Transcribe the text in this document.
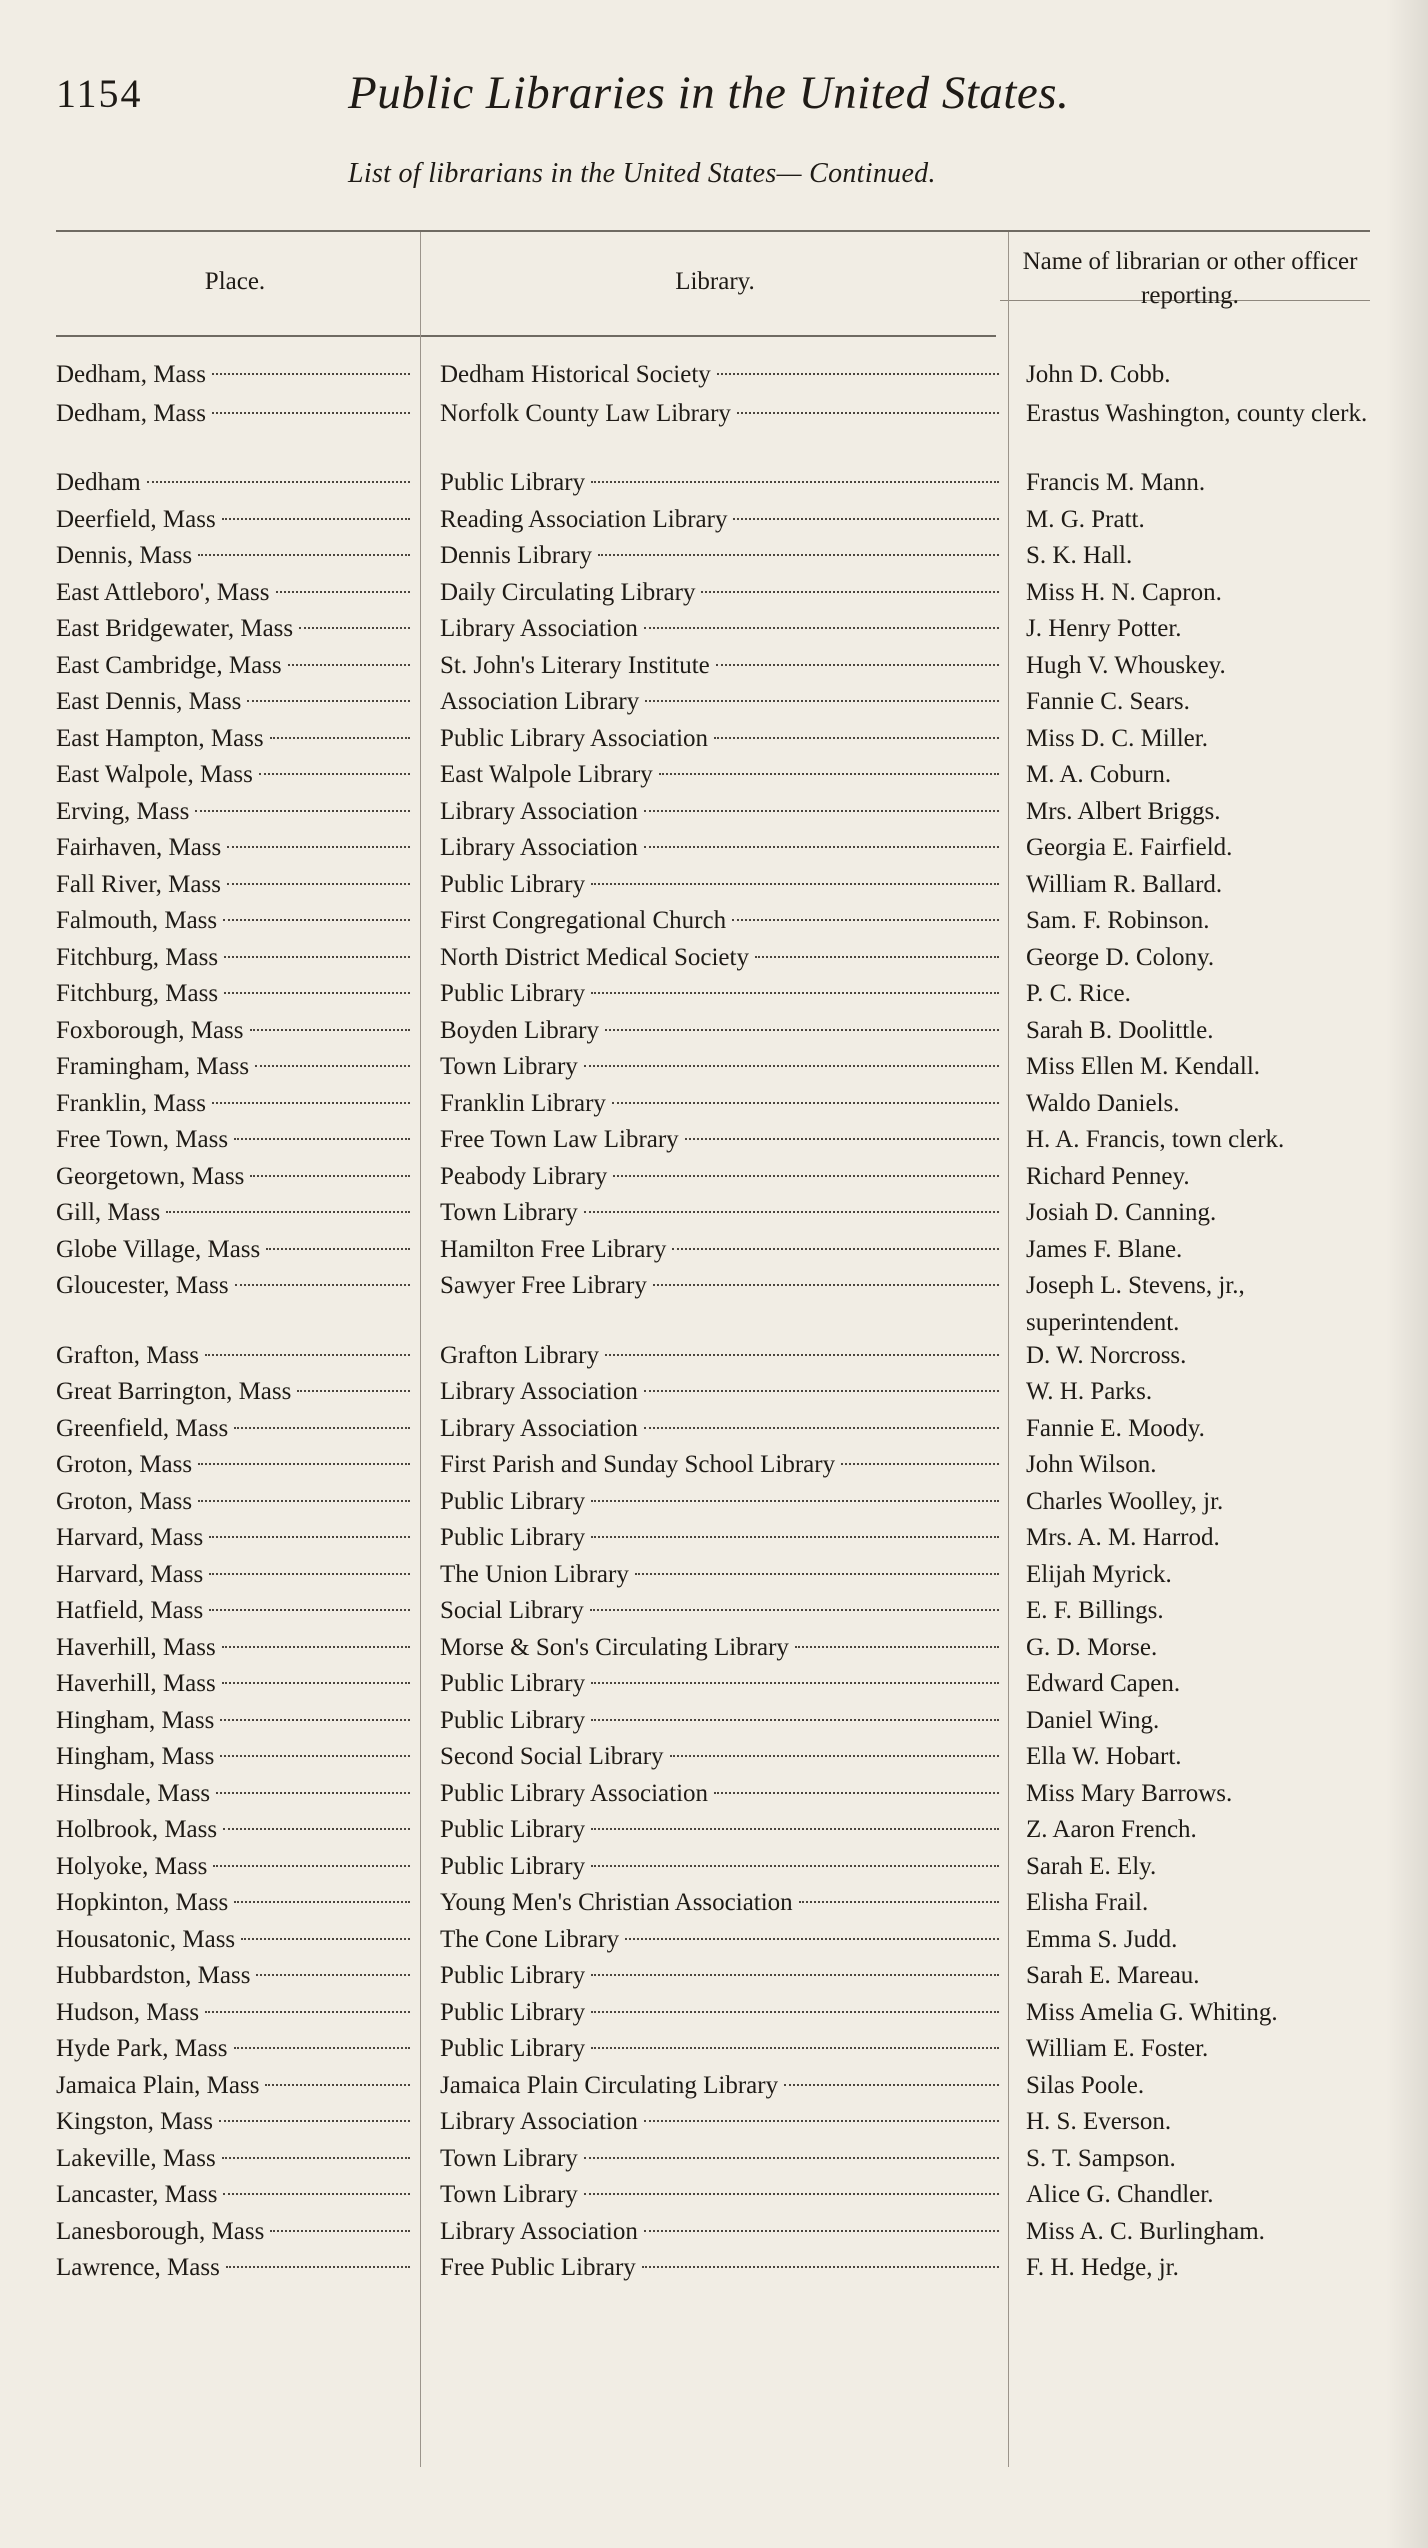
1154	Public Libraries in the United States.
List of librarians in the United States— Continued.
Place.	Library.
Name of librarian or other officer reporting.
Dedham, Mass	Dedham Historical Society	John D. Cobb.
Dedham, Mass	Norfolk County Law Library	Erastus Washington, county clerk.
Dedham	Public Library	Francis M. Mann.
Deerfield, Mass	Reading Association Library	M. G. Pratt.
Dennis, Mass	Dennis Library	S. K. Hall.
East Attleboro', Mass	Daily Circulating Library	Miss H. N. Capron.
East Bridgewater, Mass	Library Association	J. Henry Potter.
East Cambridge, Mass	St. John's Literary Institute	Hugh V. Whouskey.
East Dennis, Mass	Association Library	Fannie C. Sears.
East Hampton, Mass	Public Library Association	Miss D. C. Miller.
East Walpole, Mass	East Walpole Library	M. A. Coburn.
Erving, Mass	Library Association	Mrs. Albert Briggs.
Fairhaven, Mass	Library Association	Georgia E. Fairfield.
Fall River, Mass	Public Library	William R. Ballard.
Falmouth, Mass	First Congregational Church	Sam. F. Robinson.
Fitchburg, Mass	North District Medical Society	George D. Colony.
Fitchburg, Mass	Public Library	P. C. Rice.
Foxborough, Mass	Boyden Library	Sarah B. Doolittle.
Framingham, Mass	Town Library	Miss Ellen M. Kendall.
Franklin, Mass	Franklin Library	Waldo Daniels.
Free Town, Mass	Free Town Law Library	H. A. Francis, town clerk.
Georgetown, Mass	Peabody Library	Richard Penney.
Gill, Mass	Town Library	Josiah D. Canning.
Globe Village, Mass	Hamilton Free Library	James F. Blane.
Gloucester, Mass	Sawyer Free Library	Joseph L. Stevens, jr., superintendent.
Grafton, Mass	Grafton Library	D. W. Norcross.
Great Barrington, Mass	Library Association	W. H. Parks.
Greenfield, Mass	Library Association	Fannie E. Moody.
Groton, Mass	First Parish and Sunday School Library	John Wilson.
Groton, Mass	Public Library	Charles Woolley, jr.
Harvard, Mass	Public Library	Mrs. A. M. Harrod.
Harvard, Mass	The Union Library	Elijah Myrick.
Hatfield, Mass	Social Library	E. F. Billings.
Haverhill, Mass	Morse & Son's Circulating Library	G. D. Morse.
Haverhill, Mass	Public Library	Edward Capen.
Hingham, Mass	Public Library	Daniel Wing.
Hingham, Mass	Second Social Library	Ella W. Hobart.
Hinsdale, Mass	Public Library Association	Miss Mary Barrows.
Holbrook, Mass	Public Library	Z. Aaron French.
Holyoke, Mass	Public Library	Sarah E. Ely.
Hopkinton, Mass	Young Men's Christian Association	Elisha Frail.
Housatonic, Mass	The Cone Library	Emma S. Judd.
Hubbardston, Mass	Public Library	Sarah E. Mareau.
Hudson, Mass	Public Library	Miss Amelia G. Whiting.
Hyde Park, Mass	Public Library	William E. Foster.
Jamaica Plain, Mass	Jamaica Plain Circulating Library	Silas Poole.
Kingston, Mass	Library Association	H. S. Everson.
Lakeville, Mass	Town Library	S. T. Sampson.
Lancaster, Mass	Town Library	Alice G. Chandler.
Lanesborough, Mass	Library Association	Miss A. C. Burlingham.
Lawrence, Mass	Free Public Library	F. H. Hedge, jr.
